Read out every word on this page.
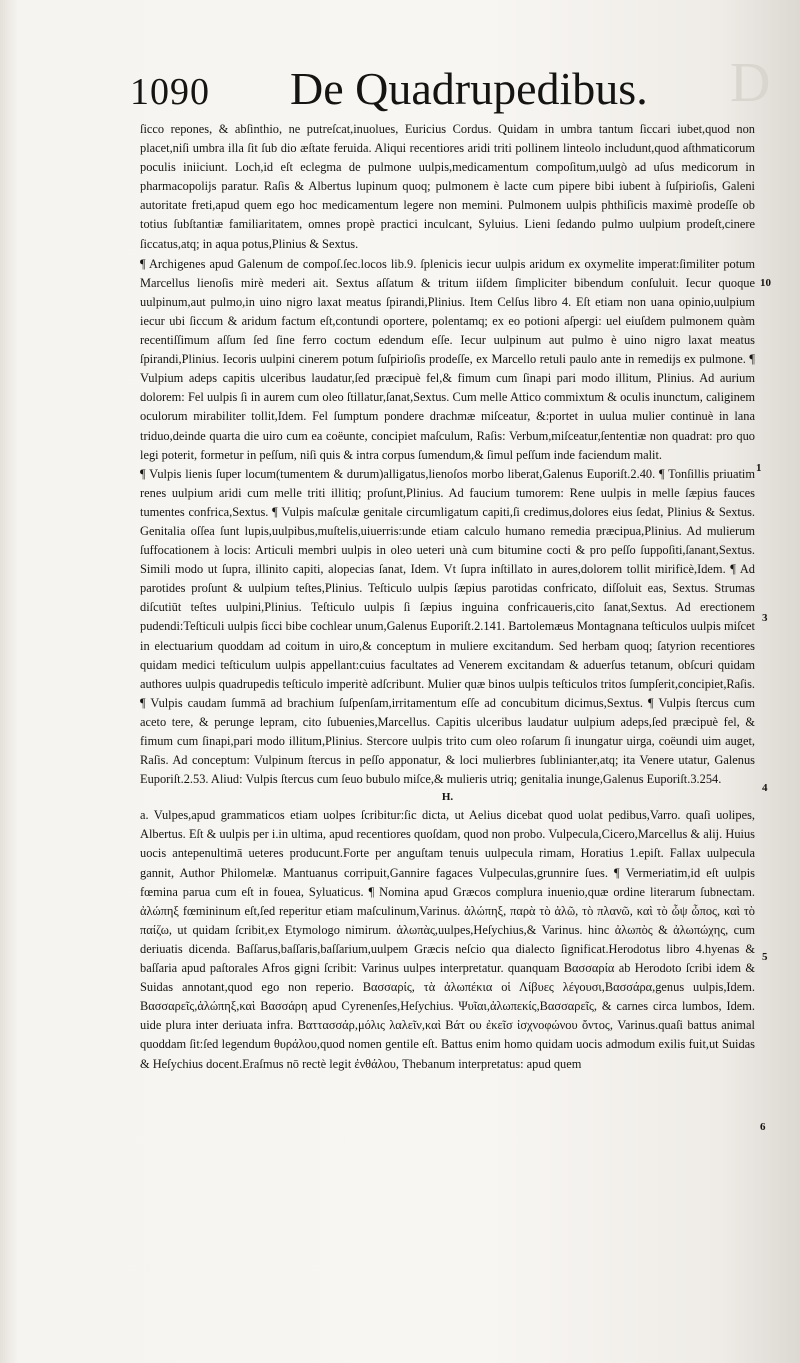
D
1090 De Quadrupedibus.

ſicco repones, & abſinthio, ne putreſcat,inuolues, Euricius Cordus. Quidam in umbra tantum ſiccari iubet,quod non placet,niſi umbra illa ſit ſub dio æſtate feruida. Aliqui recentiores aridi triti pollinem linteolo includunt,quod aſthmaticorum poculis iniiciunt. Loch,id eſt eclegma de pulmone uulpis,medicamentum compoſitum,uulgò ad uſus medicorum in pharmacopolijs paratur. Raſis & Albertus lupinum quoq; pulmonem è lacte cum pipere bibi iubent à ſuſpirioſis, Galeni autoritate freti,apud quem ego hoc medicamentum legere non memini. Pulmonem uulpis phthiſicis maximè prodeſſe ob totius ſubſtantiæ familiaritatem, omnes propè practici inculcant, Syluius. Lieni ſedando pulmo uulpium prodeſt,cinere ſiccatus,atq; in aqua potus,Plinius & Sextus.

¶ Archigenes apud Galenum de compoſ.ſec.locos lib.9. ſplenicis iecur uulpis aridum ex oxymelite imperat:ſimiliter potum Marcellus lienoſis mirè mederi ait. Sextus aſſatum & tritum iiſdem ſimpliciter bibendum conſuluit. Iecur quoque uulpinum,aut pulmo,in uino nigro laxat meatus ſpirandi,Plinius. Item Celſus libro 4. Eſt etiam non uana opinio,uulpium iecur ubi ſiccum & aridum factum eſt,contundi oportere, polentamq; ex eo potioni aſpergi: uel eiuſdem pulmonem quàm recentiſſimum aſſum ſed ſine ferro coctum edendum eſſe. Iecur uulpinum aut pulmo è uino nigro laxat meatus ſpirandi,Plinius. Iecoris uulpini cinerem potum ſuſpirioſis prodeſſe, ex Marcello retuli paulo ante in remedijs ex pulmone. ¶ Vulpium adeps capitis ulceribus laudatur,ſed præcipuè fel,& fimum cum ſinapi pari modo illitum, Plinius. Ad aurium dolorem: Fel uulpis ſi in aurem cum oleo ſtillatur,ſanat,Sextus. Cum melle Attico commixtum & oculis inunctum, caliginem oculorum mirabiliter tollit,Idem. Fel ſumptum pondere drachmæ miſceatur, &:portet in uulua mulier continuè in lana triduo,deinde quarta die uiro cum ea coëunte, concipiet maſculum, Raſis: Verbum,miſceatur,ſententiæ non quadrat: pro quo legi poterit, formetur in peſſum, niſi quis & intra corpus ſumendum,& ſimul peſſum inde faciendum malit.

¶ Vulpis lienis ſuper locum(tumentem & durum)alligatus,lienoſos morbo liberat,Galenus Euporiſt.2.40. ¶ Tonſillis priuatim renes uulpium aridi cum melle triti illitiq; proſunt,Plinius. Ad faucium tumorem: Rene uulpis in melle ſæpius fauces tumentes confrica,Sextus. ¶ Vulpis maſculæ genitale circumligatum capiti,ſi credimus,dolores eius ſedat, Plinius & Sextus. Genitalia oſſea ſunt lupis,uulpibus,muſtelis,uiuerris:unde etiam calculo humano remedia præcipua,Plinius. Ad mulierum ſuffocationem à locis: Articuli membri uulpis in oleo ueteri unà cum bitumine cocti & pro peſſo ſuppoſiti,ſanant,Sextus. Simili modo ut ſupra, illinito capiti, alopecias ſanat, Idem. Vt ſupra inſtillato in aures,dolorem tollit mirificè,Idem. ¶ Ad parotides proſunt & uulpium teſtes,Plinius. Teſticulo uulpis ſæpius parotidas confricato, diſſoluit eas, Sextus. Strumas diſcutiūt teſtes uulpini,Plinius. Teſticulo uulpis ſi ſæpius inguina confricaueris,cito ſanat,Sextus. Ad erectionem pudendi:Teſticuli uulpis ſicci bibe cochlear unum,Galenus Euporiſt.2.141. Bartolemæus Montagnana teſticulos uulpis miſcet in electuarium quoddam ad coitum in uiro,& conceptum in muliere excitandum. Sed herbam quoq; ſatyrion recentiores quidam medici teſticulum uulpis appellant:cuius facultates ad Venerem excitandam & aduerſus tetanum, obſcuri quidam authores uulpis quadrupedis teſticulo imperitè adſcribunt. Mulier quæ binos uulpis teſticulos tritos ſumpſerit,concipiet,Raſis. ¶ Vulpis caudam ſummā ad brachium ſuſpenſam,irritamentum eſſe ad concubitum dicimus,Sextus. ¶ Vulpis ſtercus cum aceto tere, & perunge lepram, cito ſubuenies,Marcellus. Capitis ulceribus laudatur uulpium adeps,ſed præcipuè fel, & fimum cum ſinapi,pari modo illitum,Plinius. Stercore uulpis trito cum oleo roſarum ſi inungatur uirga, coëundi uim auget, Raſis. Ad conceptum: Vulpinum ſtercus in peſſo apponatur, & loci mulierbres ſublinianter,atq; ita Venere utatur, Galenus Euporiſt.2.53. Aliud: Vulpis ſtercus cum ſeuo bubulo miſce,& mulieris utriq; genitalia inunge,Galenus Euporiſt.3.254.

H.

a. Vulpes,apud grammaticos etiam uolpes ſcribitur:ſic dicta, ut Aelius dicebat quod uolat pedibus,Varro. quaſi uolipes, Albertus. Eſt & uulpis per i.in ultima, apud recentiores quoſdam, quod non probo. Vulpecula,Cicero,Marcellus & alij. Huius uocis antepenultimā ueteres producunt.Forte per anguſtam tenuis uulpecula rimam, Horatius 1.epiſt. Fallax uulpecula gannit, Author Philomelæ. Mantuanus corripuit,Gannire fagaces Vulpeculas,grunnire ſues. ¶ Vermeriatim,id eſt uulpis fœmina parua cum eſt in fouea, Syluaticus. ¶ Nomina apud Græcos complura inuenio,quæ ordine literarum ſubnectam. ἀλώπηξ fœmininum eſt,ſed reperitur etiam maſculinum,Varinus. ἀλώπηξ, παρὰ τὸ ἀλῶ, τὸ πλανῶ, καὶ τὸ ὦψ ὦπος, καὶ τὸ παίζω, ut quidam ſcribit,ex Etymologo nimirum. ἀλωπὰς,uulpes,Heſychius,& Varinus. hinc ἀλωπὸς & ἀλωπώχης, cum deriuatis dicenda. Baſſarus,baſſaris,baſſarium,uulpem Græcis neſcio qua dialecto ſignificat.Herodotus libro 4.hyenas & baſſaria apud paſtorales Afros gigni ſcribit: Varinus uulpes interpretatur. quanquam Βασσαρία ab Herodoto ſcribi idem & Suidas annotant,quod ego non reperio. Βασσαρίς, τὰ ἀλωπέκια οἱ Λίβυες λέγουσι,Βασσάρα,genus uulpis,Idem. Βασσαρεῖς,ἀλώπηξ,καὶ Βασσάρη apud Cyrenenſes,Heſychius. Ψυῖαι,ἀλωπεκίς,Βασσαρεῖς, & carnes circa lumbos, Idem. uide plura inter deriuata infra. Βαττασσάρ,μόλις λαλεῖν,καὶ Βάτ ου ἐκεῖσ ἰσχνοφώνου ὄντος, Varinus.quaſi battus animal quoddam ſit:ſed legendum θυράλου,quod nomen gentile eſt. Battus enim homo quidam uocis admodum exilis fuit,ut Suidas & Heſychius docent.Eraſmus nō rectè legit ἐνθάλου, Thebanum interpretatus: apud quem

10
1
3
4
5
6
